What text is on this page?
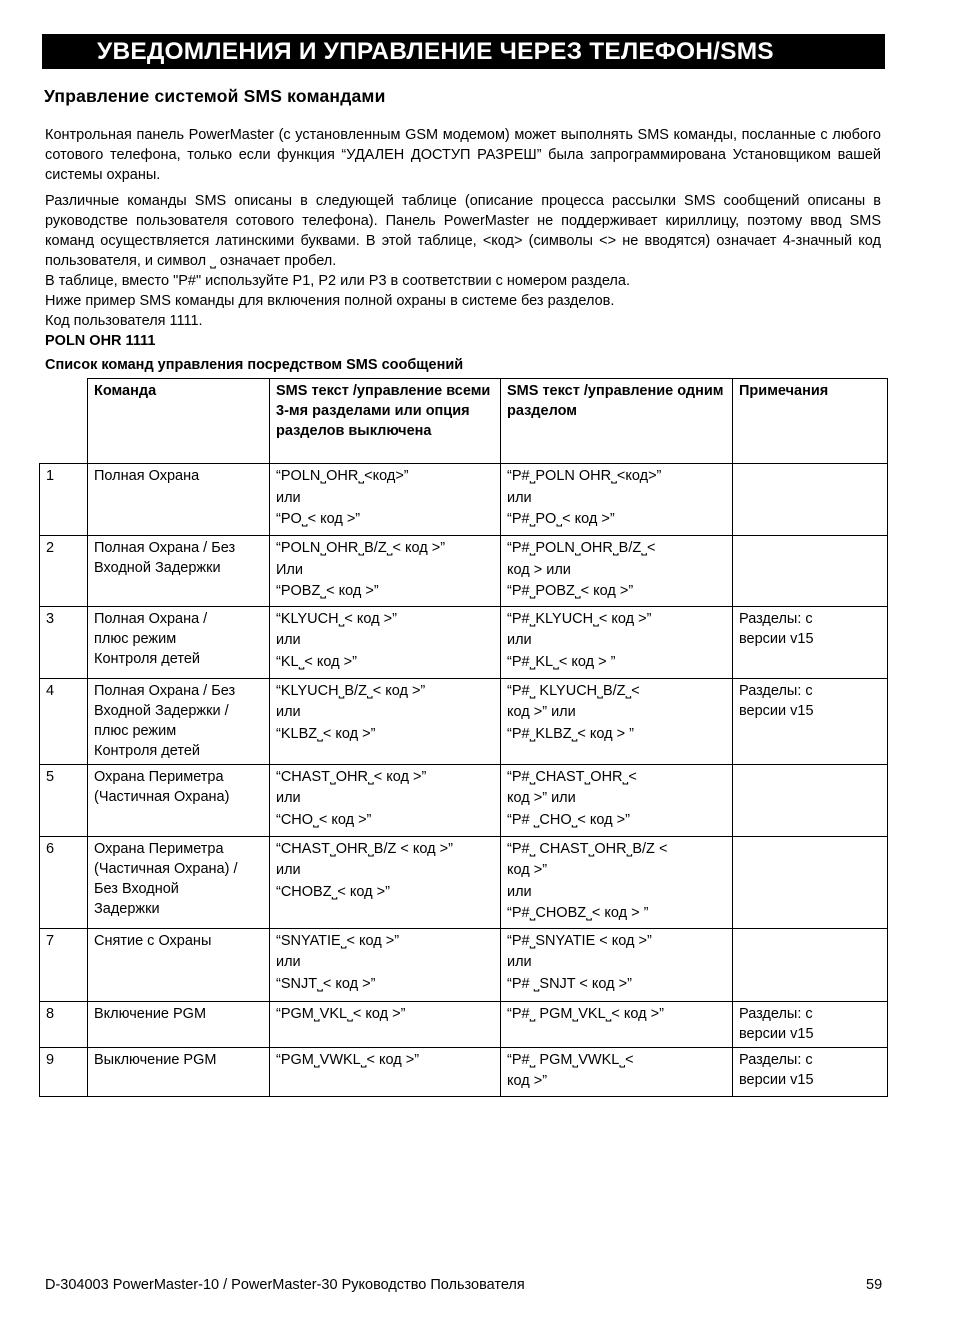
УВЕДОМЛЕНИЯ И УПРАВЛЕНИЕ ЧЕРЕЗ ТЕЛЕФОН/SMS
Управление системой SMS командами

Контрольная панель PowerMaster (с установленным GSM модемом) может выполнять SMS команды, посланные с любого сотового телефона, только если функция “УДАЛЕН ДОСТУП РАЗРЕШ” была запрограммирована Установщиком вашей системы охраны.

Различные команды SMS описаны в следующей таблице (описание процесса рассылки SMS сообщений описаны в руководстве пользователя сотового телефона). Панель PowerMaster не поддерживает кириллицу, поэтому ввод SMS команд осуществляется латинскими буквами. В этой таблице, <код> (символы <> не вводятся) означает 4-значный код пользователя, и символ ⎵ означает пробел.

В таблице, вместо "P#" используйте P1, P2 или P3 в соответствии с номером раздела.

Ниже пример SMS команды для включения полной охраны в системе без разделов.

Код пользователя 1111.

POLN OHR 1111

Список команд управления посредством SMS сообщений
	Команда	SMS текст /управление всеми 3-мя разделами или опция разделов выключена	SMS текст /управление одним разделом	Примечания
1	Полная Охрана	“POLN⎵OHR⎵<код>”
или
“PO⎵< код >”	“P#⎵POLN OHR⎵<код>”
или
“P#⎵PO⎵< код >”	

2	Полная Охрана / Без
Входной Задержки	“POLN⎵OHR⎵B/Z⎵< код >”
Или
“POBZ⎵< код >”	“P#⎵POLN⎵OHR⎵B/Z⎵<
код > или
“P#⎵POBZ⎵< код >”	

3	Полная Охрана /
плюс режим
Контроля детей	“KLYUCH⎵< код >”
или
“KL⎵< код >”	“P#⎵KLYUCH⎵< код >”
или
“P#⎵KL⎵< код > ”	Разделы: с
версии v15

4	Полная Охрана / Без
Входной Задержки /
плюс режим
Контроля детей	“KLYUCH⎵B/Z⎵< код >”
или
“KLBZ⎵< код >”	“P#⎵ KLYUCH⎵B/Z⎵<
код >” или
“P#⎵KLBZ⎵< код > ”	Разделы: с
версии v15

5	Охрана Периметра
(Частичная Охрана)	“CHAST⎵OHR⎵< код >”
или
“CHO⎵< код >”	“P#⎵CHAST⎵OHR⎵<
код >” или
“P# ⎵CHO⎵< код >”	

6	Охрана Периметра
(Частичная Охрана) /
Без Входной
Задержки	“CHAST⎵OHR⎵B/Z < код >”
или
“CHOBZ⎵< код >”	“P#⎵ CHAST⎵OHR⎵B/Z <
код >”
или
“P#⎵CHOBZ⎵< код > ”	

7	Снятие с Охраны	“SNYATIE⎵< код >”
или
“SNJT⎵< код >”	“P#⎵SNYATIE < код >”
или
“P# ⎵SNJT < код >”	

8	Включение PGM	“PGM⎵VKL⎵< код >”	“P#⎵ PGM⎵VKL⎵< код >”	Разделы: с
версии v15

9	Выключение PGM	“PGM⎵VWKL⎵< код >”	“P#⎵ PGM⎵VWKL⎵<
код >”	Разделы: с
версии v15
D-304003 PowerMaster-10 / PowerMaster-30 Руководство Пользователя	59
